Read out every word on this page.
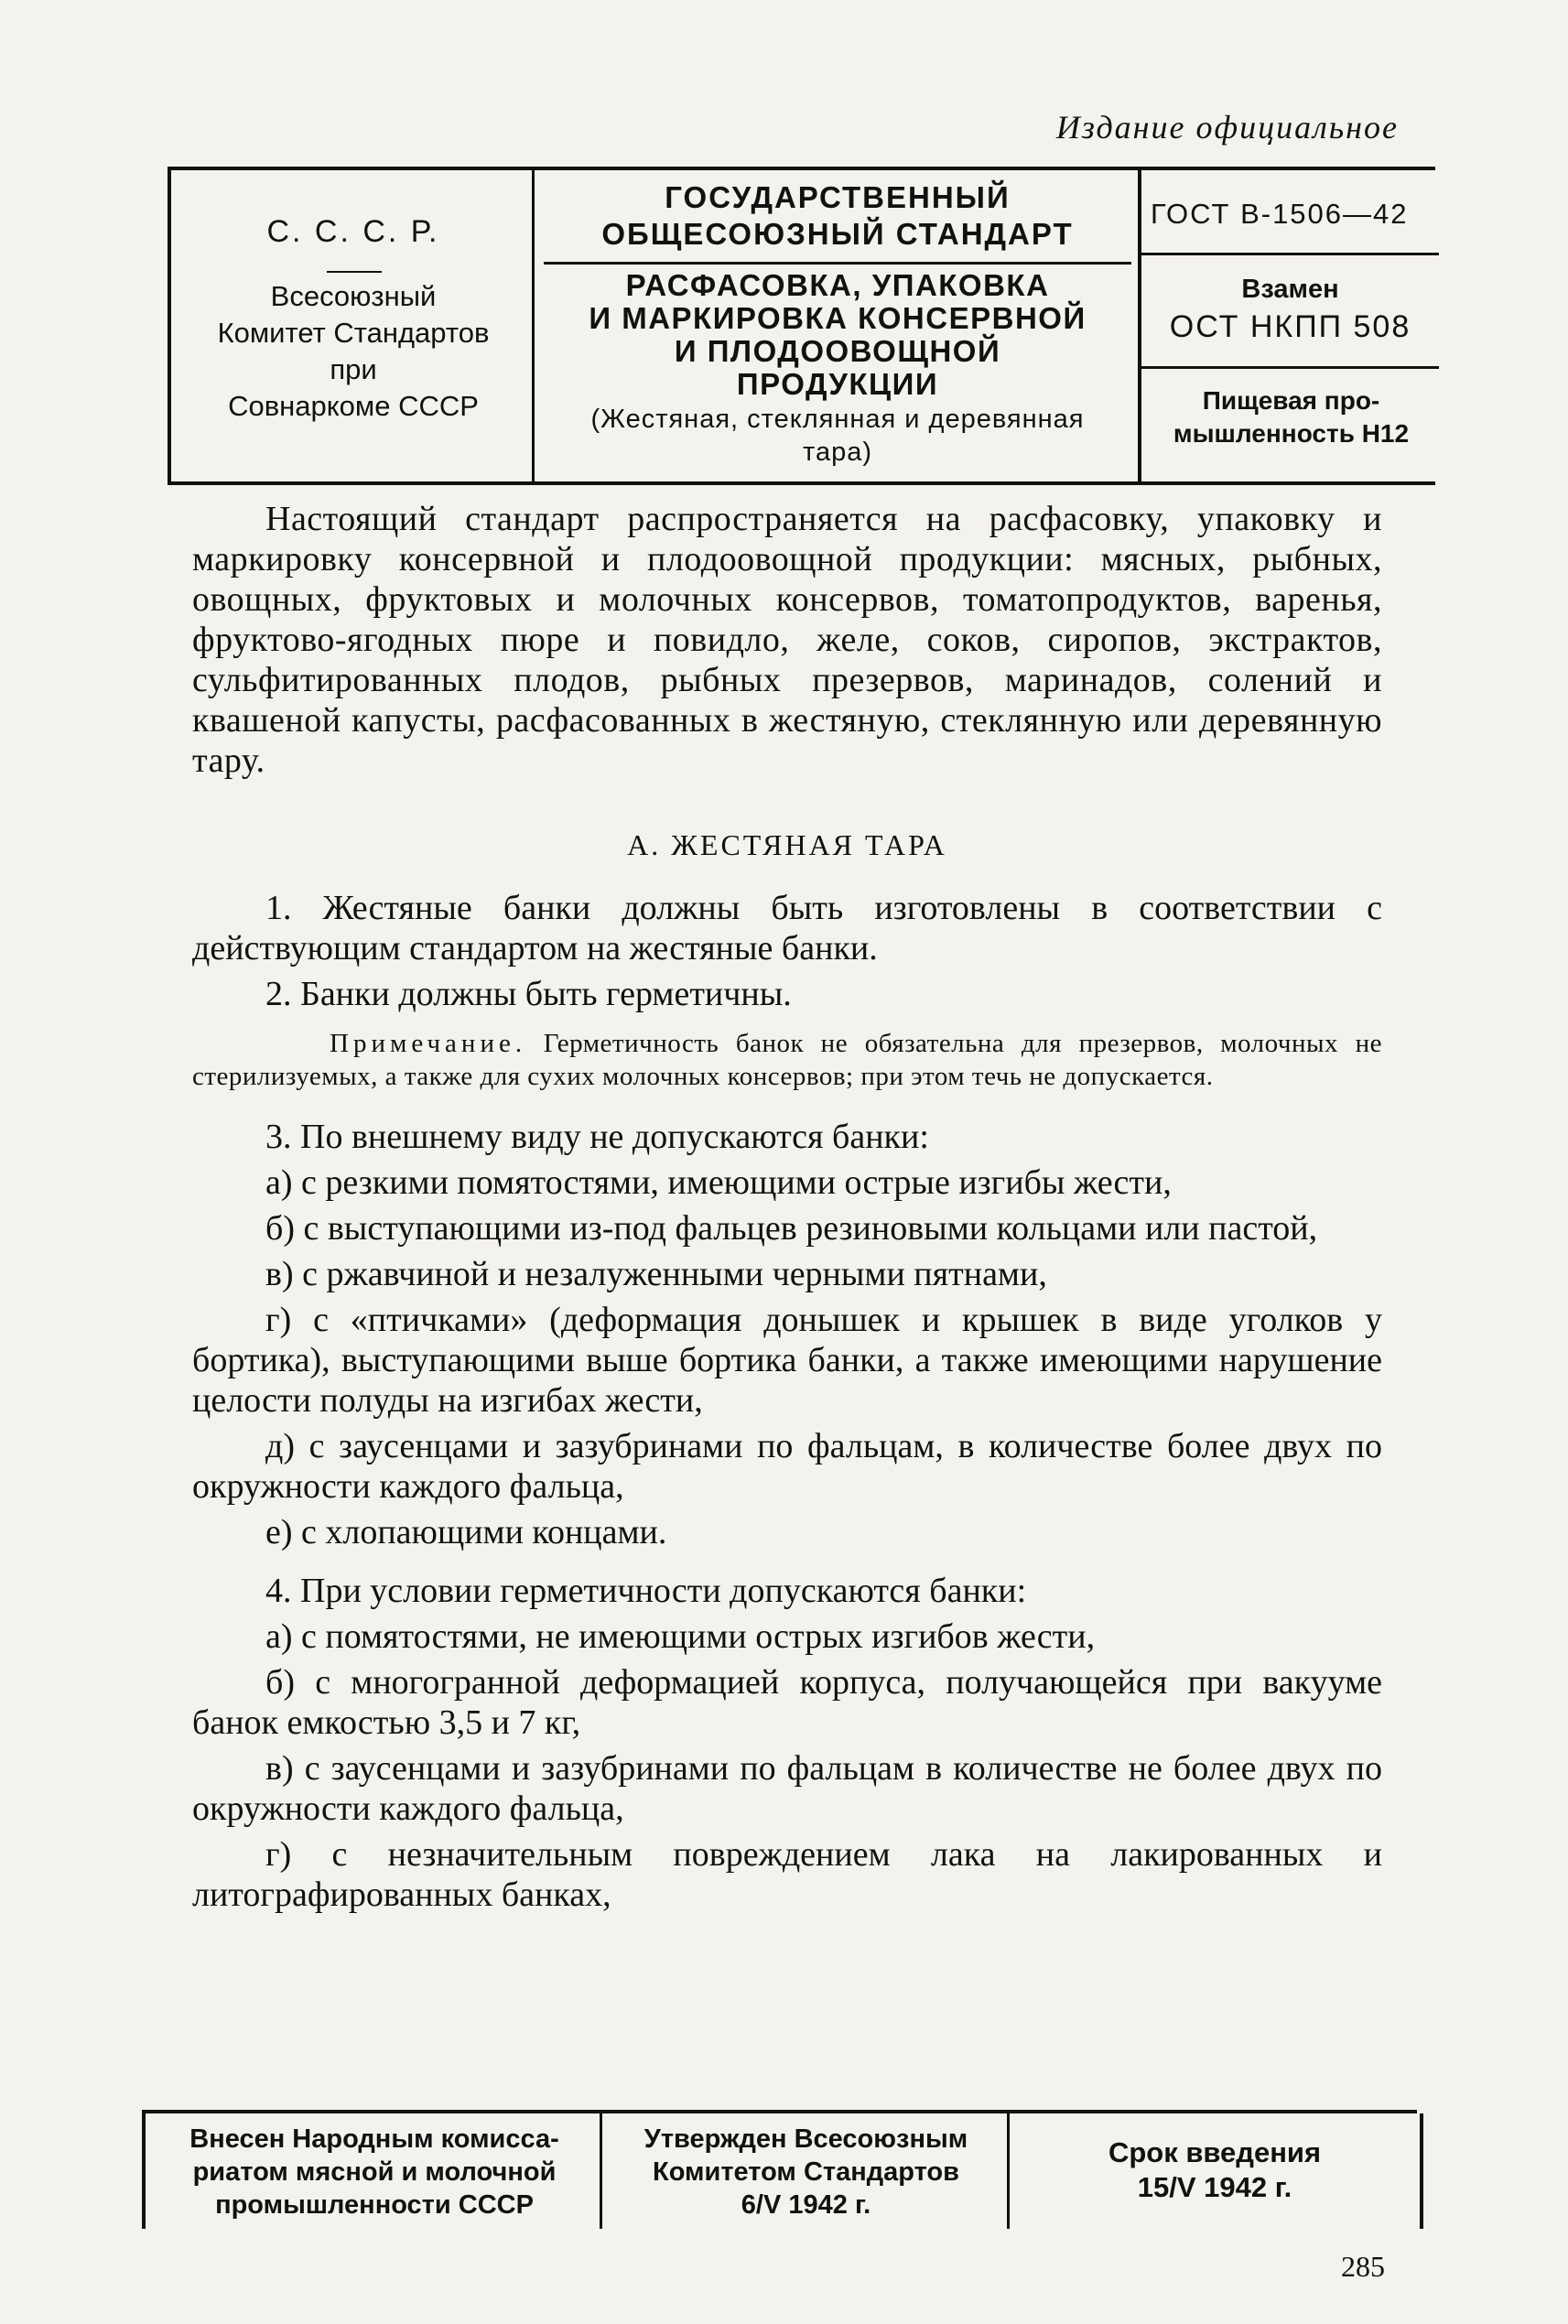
Издание официальное
С. С. С. Р.
Всесоюзный
Комитет Стандартов
при
Совнаркоме СССР
ГОСУДАРСТВЕННЫЙ
ОБЩЕСОЮЗНЫЙ СТАНДАРТ
РАСФАСОВКА, УПАКОВКА
И МАРКИРОВКА КОНСЕРВНОЙ
И ПЛОДООВОЩНОЙ
ПРОДУКЦИИ
(Жестяная, стеклянная и деревянная
тара)
ГОСТ В-1506—42
Взамен
ОСТ НКПП 508
Пищевая про-
мышленность Н12

Настоящий стандарт распространяется на расфасовку, упаковку и маркировку консервной и плодоовощной продукции: мясных, рыбных, овощных, фруктовых и молочных консервов, томатопродуктов, варенья, фруктово-ягодных пюре и повидло, желе, соков, сиропов, экстрактов, сульфитированных плодов, рыбных презервов, маринадов, солений и квашеной капусты, расфасованных в жестяную, стеклянную или деревянную тару.

А. ЖЕСТЯНАЯ ТАРА

1. Жестяные банки должны быть изготовлены в соответствии с действующим стандартом на жестяные банки.

2. Банки должны быть герметичны.

Примечание. Герметичность банок не обязательна для презервов, молочных не стерилизуемых, а также для сухих молочных консервов; при этом течь не допускается.

3. По внешнему виду не допускаются банки:

а) с резкими помятостями, имеющими острые изгибы жести,

б) с выступающими из-под фальцев резиновыми кольцами или пастой,

в) с ржавчиной и незалуженными черными пятнами,

г) с «птичками» (деформация донышек и крышек в виде уголков у бортика), выступающими выше бортика банки, а также имеющими нарушение целости полуды на изгибах жести,

д) с заусенцами и зазубринами по фальцам, в количестве более двух по окружности каждого фальца,

е) с хлопающими концами.

4. При условии герметичности допускаются банки:

а) с помятостями, не имеющими острых изгибов жести,

б) с многогранной деформацией корпуса, получающейся при вакууме банок емкостью 3,5 и 7 кг,

в) с заусенцами и зазубринами по фальцам в количестве не более двух по окружности каждого фальца,

г) с незначительным повреждением лака на лакированных и литографированных банках,

Внесен Народным комисса-
риатом мясной и молочной
промышленности СССР
Утвержден Всесоюзным
Комитетом Стандартов
6/V 1942 г.
Срок введения
15/V 1942 г.
285
